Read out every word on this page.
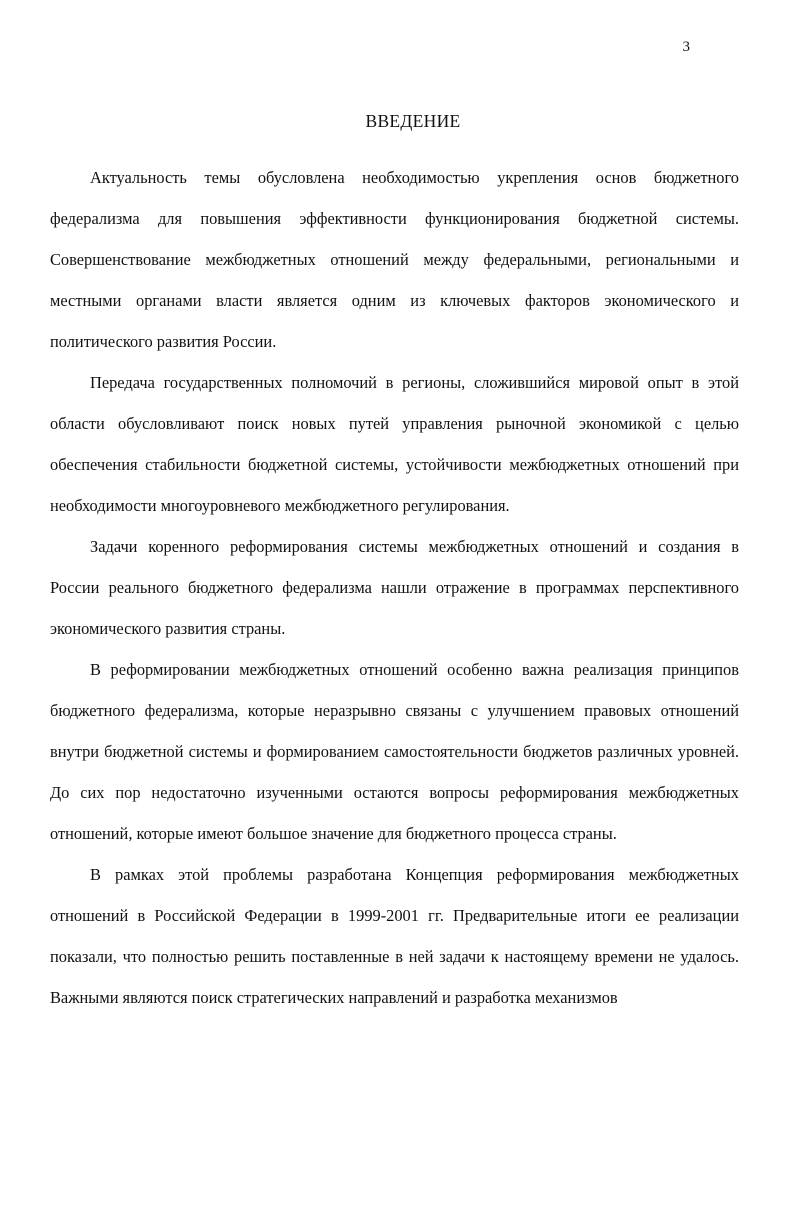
3
ВВЕДЕНИЕ

Актуальность темы обусловлена необходимостью укрепления основ бюджетного федерализма для повышения эффективности функционирования бюджетной системы. Совершенствование межбюджетных отношений между федеральными, региональными и местными органами власти является одним из ключевых факторов экономического и политического развития России.

Передача государственных полномочий в регионы, сложившийся мировой опыт в этой области обусловливают поиск новых путей управления рыночной экономикой с целью обеспечения стабильности бюджетной системы, устойчивости межбюджетных отношений при необходимости многоуровневого межбюджетного регулирования.

Задачи коренного реформирования системы межбюджетных отношений и создания в России реального бюджетного федерализма нашли отражение в программах перспективного экономического развития страны.

В реформировании межбюджетных отношений особенно важна реализация принципов бюджетного федерализма, которые неразрывно связаны с улучшением правовых отношений внутри бюджетной системы и формированием самостоятельности бюджетов различных уровней. До сих пор недостаточно изученными остаются вопросы реформирования межбюджетных отношений, которые имеют большое значение для бюджетного процесса страны.

В рамках этой проблемы разработана Концепция реформирования межбюджетных отношений в Российской Федерации в 1999-2001 гг. Предварительные итоги ее реализации показали, что полностью решить поставленные в ней задачи к настоящему времени не удалось. Важными являются поиск стратегических направлений и разработка механизмов
